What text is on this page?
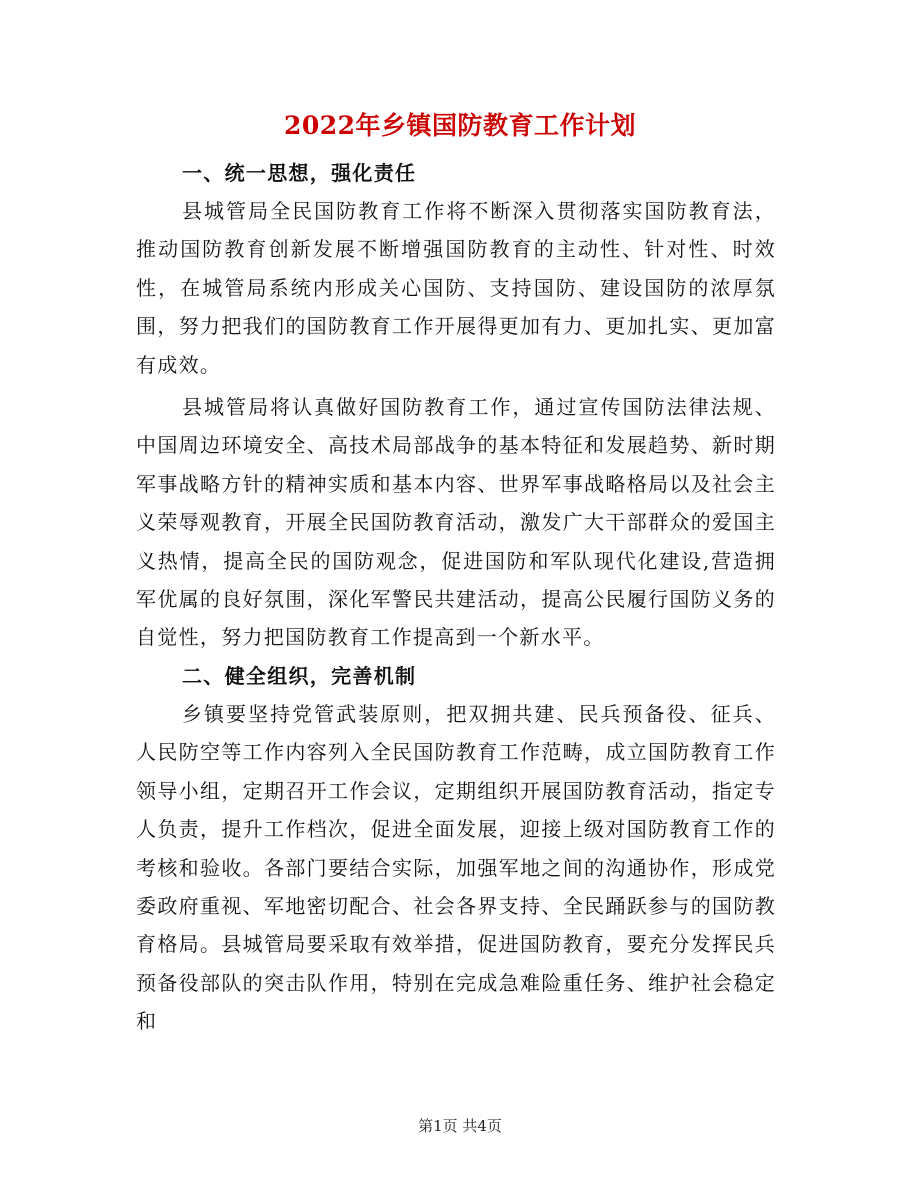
2022年乡镇国防教育工作计划

一、统一思想，强化责任

县城管局全民国防教育工作将不断深入贯彻落实国防教育法，推动国防教育创新发展不断增强国防教育的主动性、针对性、时效性，在城管局系统内形成关心国防、支持国防、建设国防的浓厚氛围，努力把我们的国防教育工作开展得更加有力、更加扎实、更加富有成效。

县城管局将认真做好国防教育工作，通过宣传国防法律法规、中国周边环境安全、高技术局部战争的基本特征和发展趋势、新时期军事战略方针的精神实质和基本内容、世界军事战略格局以及社会主义荣辱观教育，开展全民国防教育活动，激发广大干部群众的爱国主义热情，提高全民的国防观念，促进国防和军队现代化建设,营造拥军优属的良好氛围，深化军警民共建活动，提高公民履行国防义务的自觉性，努力把国防教育工作提高到一个新水平。

二、健全组织，完善机制

乡镇要坚持党管武装原则，把双拥共建、民兵预备役、征兵、人民防空等工作内容列入全民国防教育工作范畴，成立国防教育工作领导小组，定期召开工作会议，定期组织开展国防教育活动，指定专人负责，提升工作档次，促进全面发展，迎接上级对国防教育工作的考核和验收。各部门要结合实际，加强军地之间的沟通协作，形成党委政府重视、军地密切配合、社会各界支持、全民踊跃参与的国防教育格局。县城管局要采取有效举措，促进国防教育，要充分发挥民兵预备役部队的突击队作用，特别在完成急难险重任务、维护社会稳定和

第1页 共4页
